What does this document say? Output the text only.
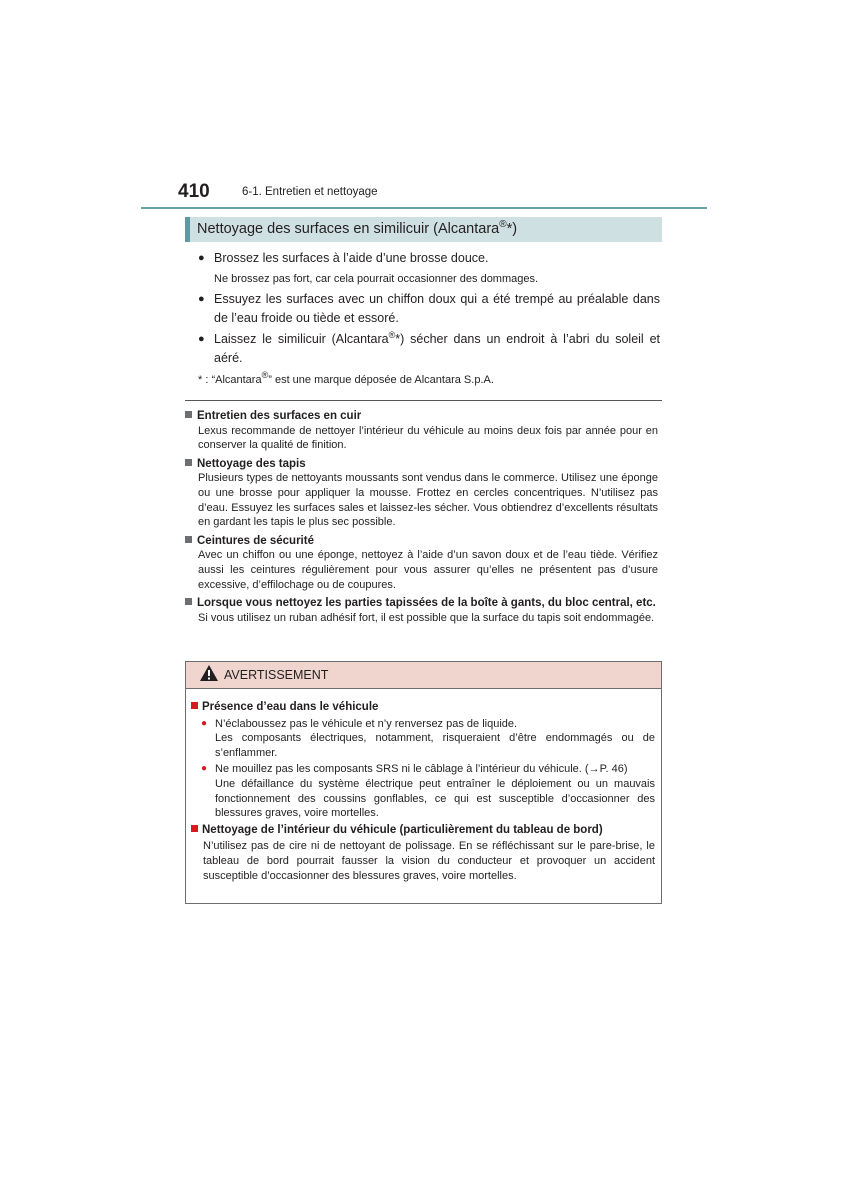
410	6-1. Entretien et nettoyage
Nettoyage des surfaces en similicuir (Alcantara®*)
● Brossez les surfaces à l’aide d’une brosse douce.
Ne brossez pas fort, car cela pourrait occasionner des dommages.
● Essuyez les surfaces avec un chiffon doux qui a été trempé au préalable dans de l’eau froide ou tiède et essoré.
● Laissez le similicuir (Alcantara®*) sécher dans un endroit à l’abri du soleil et aéré.
* : “Alcantara®” est une marque déposée de Alcantara S.p.A.
Entretien des surfaces en cuir
Lexus recommande de nettoyer l’intérieur du véhicule au moins deux fois par année pour en conserver la qualité de finition.
Nettoyage des tapis
Plusieurs types de nettoyants moussants sont vendus dans le commerce. Utilisez une éponge ou une brosse pour appliquer la mousse. Frottez en cercles concentriques. N’utilisez pas d’eau. Essuyez les surfaces sales et laissez-les sécher. Vous obtiendrez d’excellents résultats en gardant les tapis le plus sec possible.
Ceintures de sécurité
Avec un chiffon ou une éponge, nettoyez à l’aide d’un savon doux et de l’eau tiède. Vérifiez aussi les ceintures régulièrement pour vous assurer qu’elles ne présentent pas d’usure excessive, d’effilochage ou de coupures.
Lorsque vous nettoyez les parties tapissées de la boîte à gants, du bloc central, etc.
Si vous utilisez un ruban adhésif fort, il est possible que la surface du tapis soit endommagée.
AVERTISSEMENT
Présence d’eau dans le véhicule
● N’éclaboussez pas le véhicule et n’y renversez pas de liquide.
Les composants électriques, notamment, risqueraient d’être endommagés ou de s’enflammer.
● Ne mouillez pas les composants SRS ni le câblage à l’intérieur du véhicule. (→P. 46)
Une défaillance du système électrique peut entraîner le déploiement ou un mauvais fonctionnement des coussins gonflables, ce qui est susceptible d’occasionner des blessures graves, voire mortelles.
Nettoyage de l’intérieur du véhicule (particulièrement du tableau de bord)
N’utilisez pas de cire ni de nettoyant de polissage. En se réfléchissant sur le pare-brise, le tableau de bord pourrait fausser la vision du conducteur et provoquer un accident susceptible d’occasionner des blessures graves, voire mortelles.
